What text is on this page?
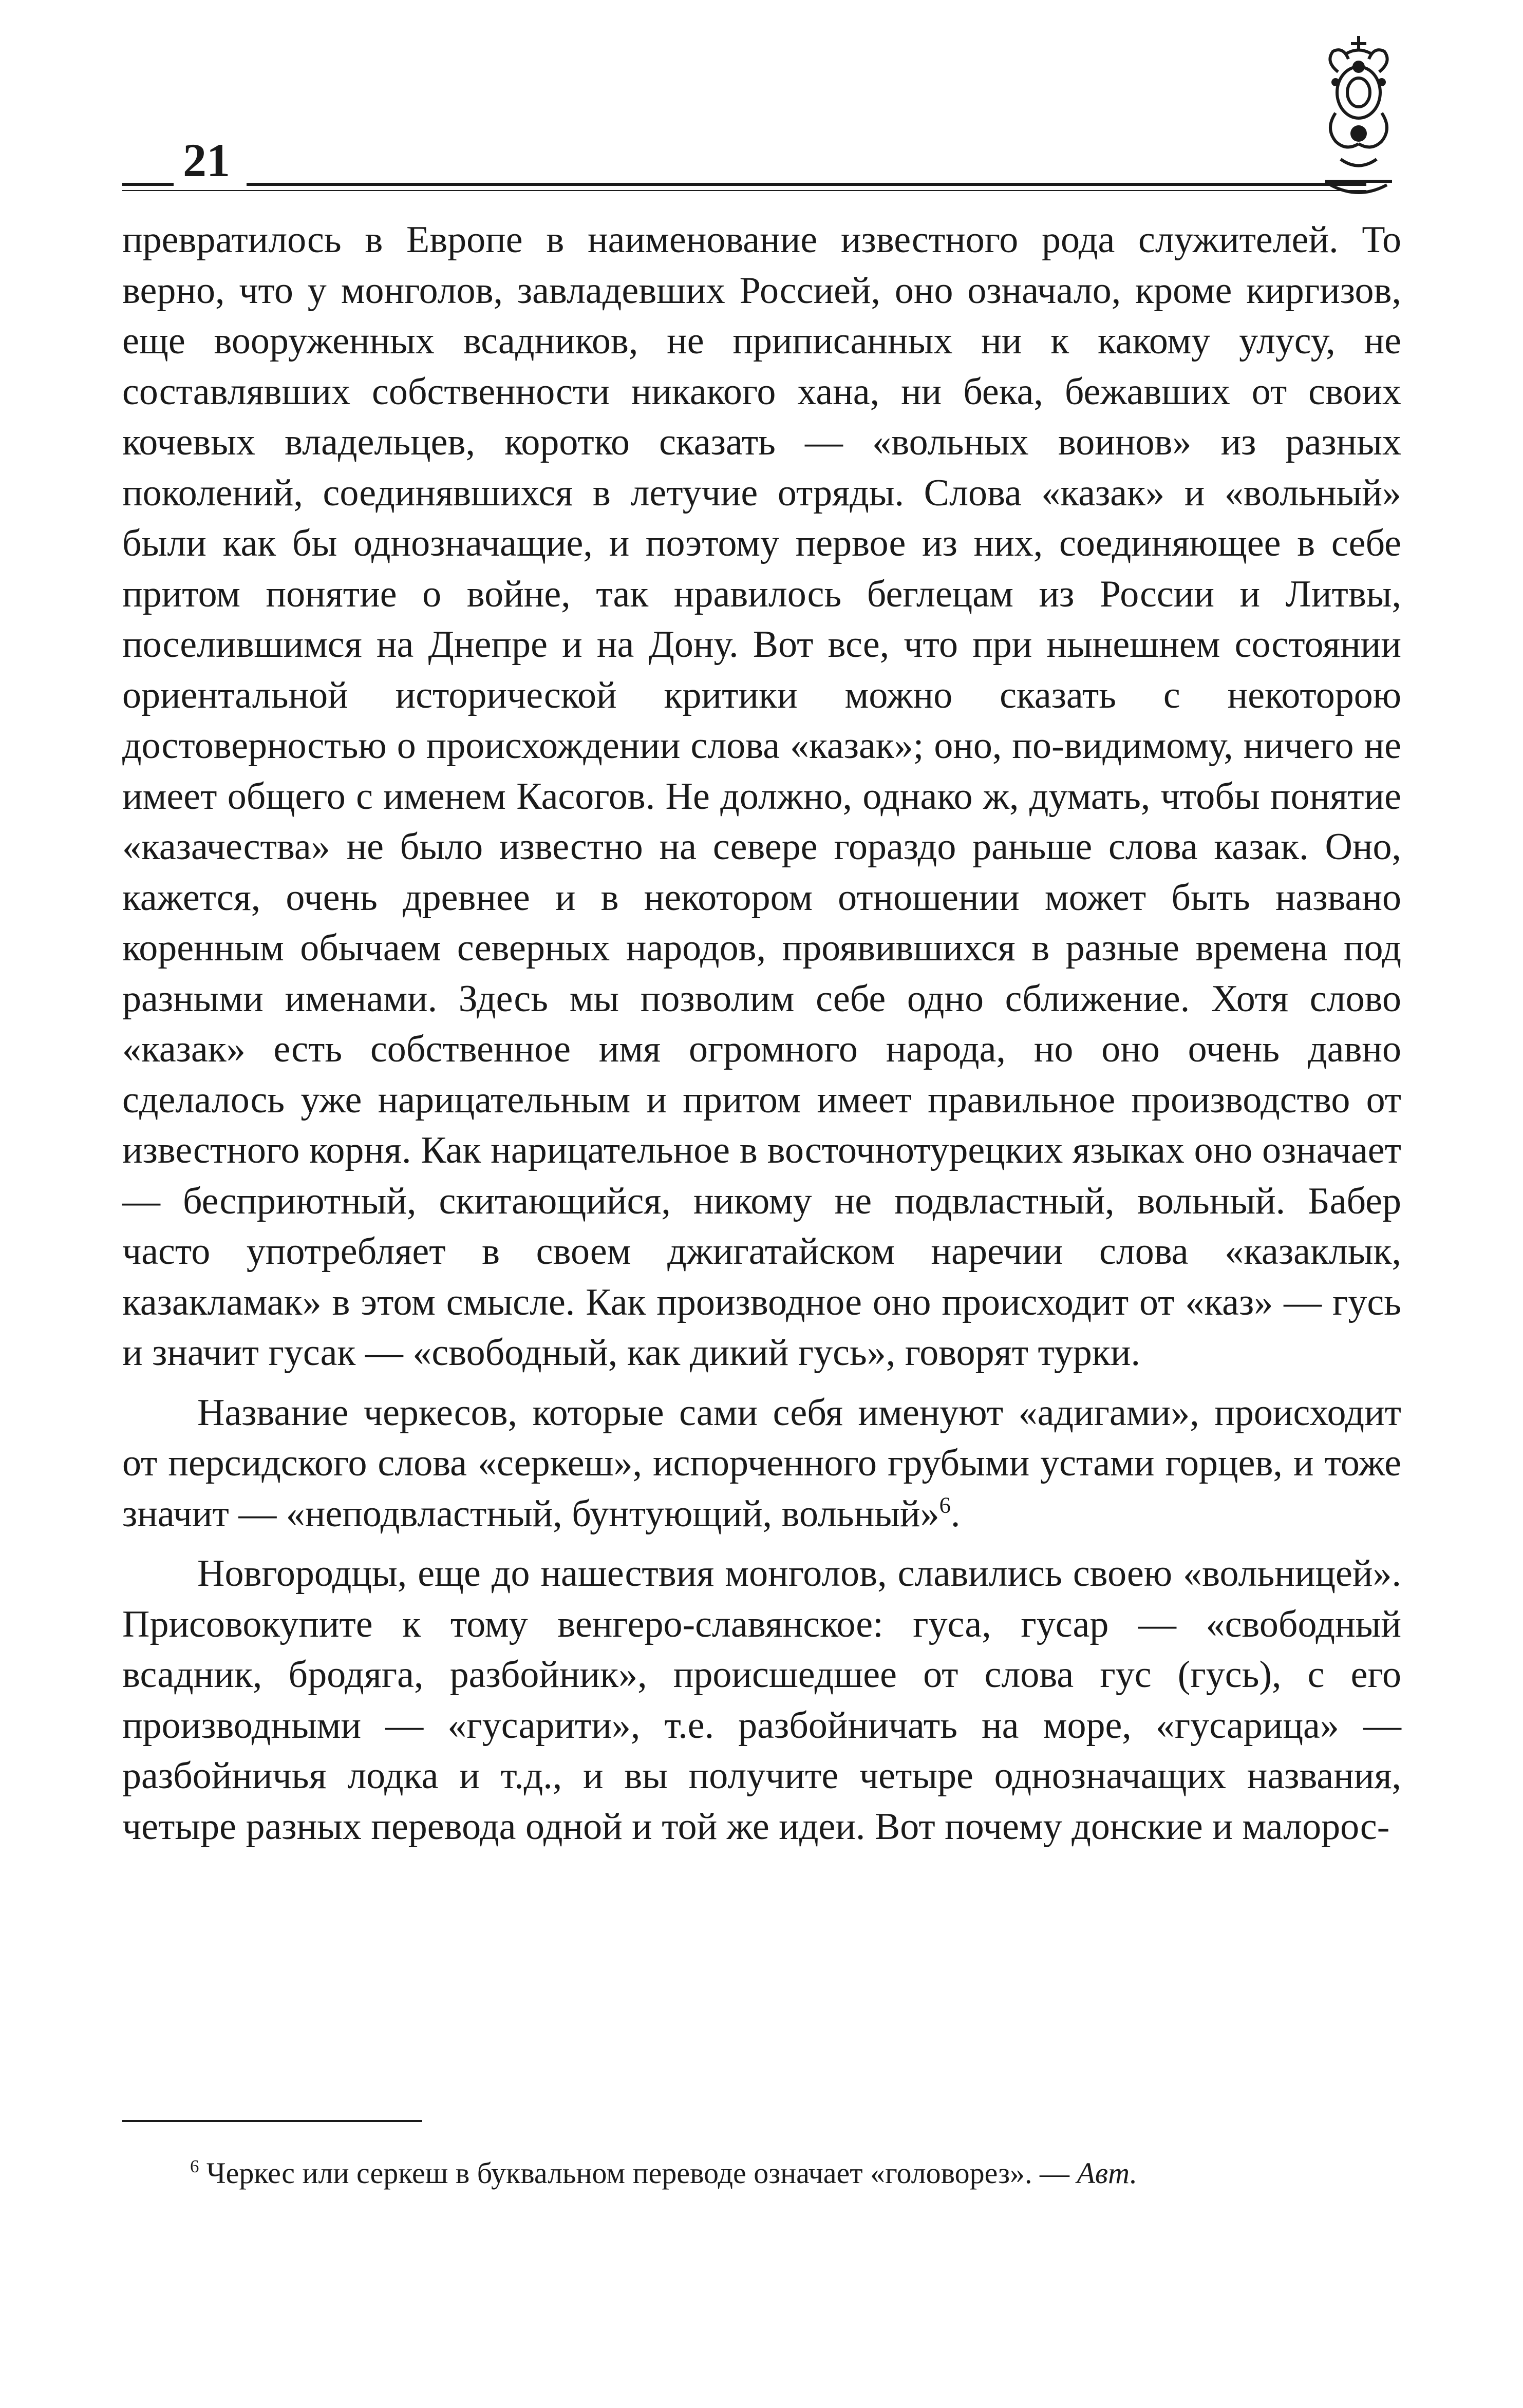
21

превратилось в Европе в наименование известного рода служителей. То верно, что у монголов, завладевших Россией, оно означало, кроме киргизов, еще вооруженных всадников, не приписанных ни к какому улусу, не составлявших собственности никакого хана, ни бека, бежавших от своих кочевых владельцев, коротко сказать — «вольных воинов» из разных поколений, соединявшихся в летучие отряды. Слова «казак» и «вольный» были как бы однозначащие, и поэтому первое из них, соединяющее в себе притом понятие о войне, так нравилось беглецам из России и Литвы, поселившимся на Днепре и на Дону. Вот все, что при нынешнем состоянии ориентальной исторической критики можно сказать с некоторою достоверностью о происхождении слова «казак»; оно, по-видимому, ничего не имеет общего с именем Касогов. Не должно, однако ж, думать, чтобы понятие «казачества» не было известно на севере гораздо раньше слова казак. Оно, кажется, очень древнее и в некотором отношении может быть названо коренным обычаем северных народов, проявившихся в разные времена под разными именами. Здесь мы позволим себе одно сближение. Хотя слово «казак» есть собственное имя огромного народа, но оно очень давно сделалось уже нарицательным и притом имеет правильное производство от известного корня. Как нарицательное в восточнотурецких языках оно означает — бесприютный, скитающийся, никому не подвластный, вольный. Бабер часто употребляет в своем джигатайском наречии слова «казаклык, казакламак» в этом смысле. Как производное оно происходит от «каз» — гусь и значит гусак — «свободный, как дикий гусь», говорят турки.

Название черкесов, которые сами себя именуют «адигами», происходит от персидского слова «серкеш», испорченного грубыми устами горцев, и тоже значит — «неподвластный, бунтующий, вольный»$^6$.

Новгородцы, еще до нашествия монголов, славились своею «вольницей». Присовокупите к тому венгеро-славянское: гуса, гусар — «свободный всадник, бродяга, разбойник», происшедшее от слова гус (гусь), с его производными — «гусарити», т.е. разбойничать на море, «гусарица» — разбойничья лодка и т.д., и вы получите четыре однозначащих названия, четыре разных перевода одной и той же идеи. Вот почему донские и малорос-

$^6$ Черкес или серкеш в буквальном переводе означает «головорез». — Авт.
